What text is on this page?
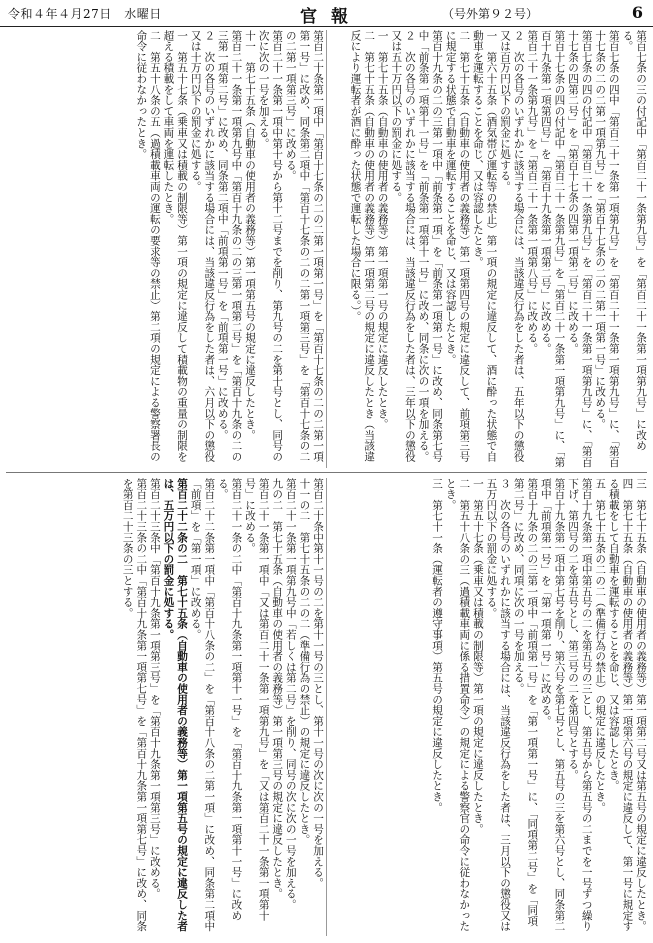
令和４年４月27日　水曜日	官報	（号外第９２号）	6
第百七条の三の付記中「第百二十一条第九号」を「第百二十一条第一項第九号」に改める。
第百七条の四中「第百二十一条第一項第九号」を「第百二十一条第一項第九号」に、「第百十七条の二の二第一項第九号」を「第百十七条の二の二第一項第一号」に改める。
第百七条の四の付記中「第百二十一条第九号」を「第百二十一条第一項第九号」に、「第百十七条の四第二号」を「第百十七条の四第一項第二号」に改める。
第百十七条の四の付記中「第百二十一条第九号」を「第百二十一条第一項第九号」に、「第百十九条第一項第四号」を「第百十九条第一項第二号」に改める。
第百二十一条第九号」を「第百二十一条第一項第八号」に改める。
２　次の各号のいずれかに該当する場合には、当該違反行為をした者は、五年以下の懲役又は百万円以下の罰金に処する。
一　第六十五条（酒気帯び運転等の禁止）第一項の規定に違反して、酒に酔った状態で自動車を運転することを命じ、又は容認したとき。
二　第七十五条（自動車の使用者の義務等）第一項第四号の規定に違反して、前項第三号に規定する状態で自動車を運転することを命じ、又は容認したとき。
第百十九条の二の三第一項中「前条第一項」を「前条第一項第一号」に改め、同条第七号中「前条第一項第十一号」を「前条第一項第十一号」に改め、同条に次の一項を加える。
２　次の各号のいずれかに該当する場合には、当該違反行為をした者は、三年以下の懲役又は五十万円以下の罰金に処する。
一　第七十五条（自動車の使用者の義務等）第一項第一号の規定に違反したとき。
二　第七十五条（自動車の使用者の義務等）第一項第二号の規定に違反したとき（当該違反により運転者が酒に酔った状態で運転した場合に限る。）。
第百二十条第一項中「第百十七条の二の二第一項第一号」を「第百十七条の二の二第一項第一号」に改め、同条第二項中「第百十七条の二の二第一項第三号」を「第百十七条の二の二第一項第三号」に改める。
第百二十一条第一項中第十号から第十二号までを削り、第九号の二を第十号とし、同号の次に次の一号を加える。
十一　第七十五条（自動車の使用者の義務等）第一項第五号の規定に違反したとき。
第百二十一条第一項第九号中「第百十九条の二の三第一項第二号」を「第百十九条の二の三第一項第二号」に改め、同条第二項中「前項第一号」を「前項第一号」に改める。
２　次の各号のいずれかに該当する場合には、当該違反行為をした者は、六月以下の懲役又は十万円以下の罰金に処する。
一　第五十七条（乗車又は積載の制限等）第一項の規定に違反して積載物の重量の制限を超える積載をして車両を運転したとき。
二　第五十八条の五（過積載車両の運転の要求等の禁止）第二項の規定による警察署長の命令に従わなかったとき。
三　第七十五条（自動車の使用者の義務等）第一項第二号又は第五号の規定に違反したとき。
四　第七十五条（自動車の使用者の義務等）第一項第六号の規定に違反して、第一号に規定する積載をして自動車を運転することを命じ、又は容認したとき。
五　第七十五条の二の二（準備行為の禁止）の規定に違反したとき。
第百十九条第一項中第五号の二を第五号の三とし、第五号から第五号の二までを一号ずつ繰り下げ、第四号の二を第五号とし、第三号の二を第四号とする。
第百十九条第一項中第七号を削り、第六号を第七号とし、第五号の三を第六号とし、同条第二項中「前項第一号」を「第一項第一号」に改める。
第百十九条の二の三第一項中「前項第一号」を「第一項第一号」に、「同項第二号」を「同項第二号」に改め、同項に次の一号を加える。
３　次の各号のいずれかに該当する場合には、当該違反行為をした者は、三月以下の懲役又は五万円以下の罰金に処する。
一　第五十七条（乗車又は積載の制限等）第一項の規定に違反したとき。
二　第五十八条の三（過積載車両に係る措置命令）の規定による警察官の命令に従わなかったとき。
三　第七十一条（運転者の遵守事項）第五号の規定に違反したとき。
第百二十条中第十一号の二を第十一号の三とし、第十一号の次に次の一号を加える。
十一の二　第七十五条の二の二（準備行為の禁止）の規定に違反したとき。
第百二十一条第一項第九号中「若しくは第二号」を削り、同号の次に次の一号を加える。
九の二　第七十五条（自動車の使用者の義務等）第一項第三号の規定に違反したとき。
第百二十一条第一項中「又は第百二十一条第一項第九号」を「又は第百二十一条第一項第十号」に改める。
第百二十一条の二中「第百十九条第一項第十一号」を「第百十九条第一項第十一号」に改める。
第百二十二条第一項中「第百十八条の二」を「第百十八条の二第一項」に改め、同条第二項中「前項」を「第一項」に改める。
第百二十二条の二　第七十五条（自動車の使用者の義務等）第一項第五号の規定に違反した者は、五万円以下の罰金に処する。
第百二十三条中「第百十九条第一項第三号」を「第百十九条第一項第三号」に改める。
第百二十三条の二中「第百十九条第一項第七号」を「第百十九条第一項第七号」に改め、同条を第百二十三条の三とする。
